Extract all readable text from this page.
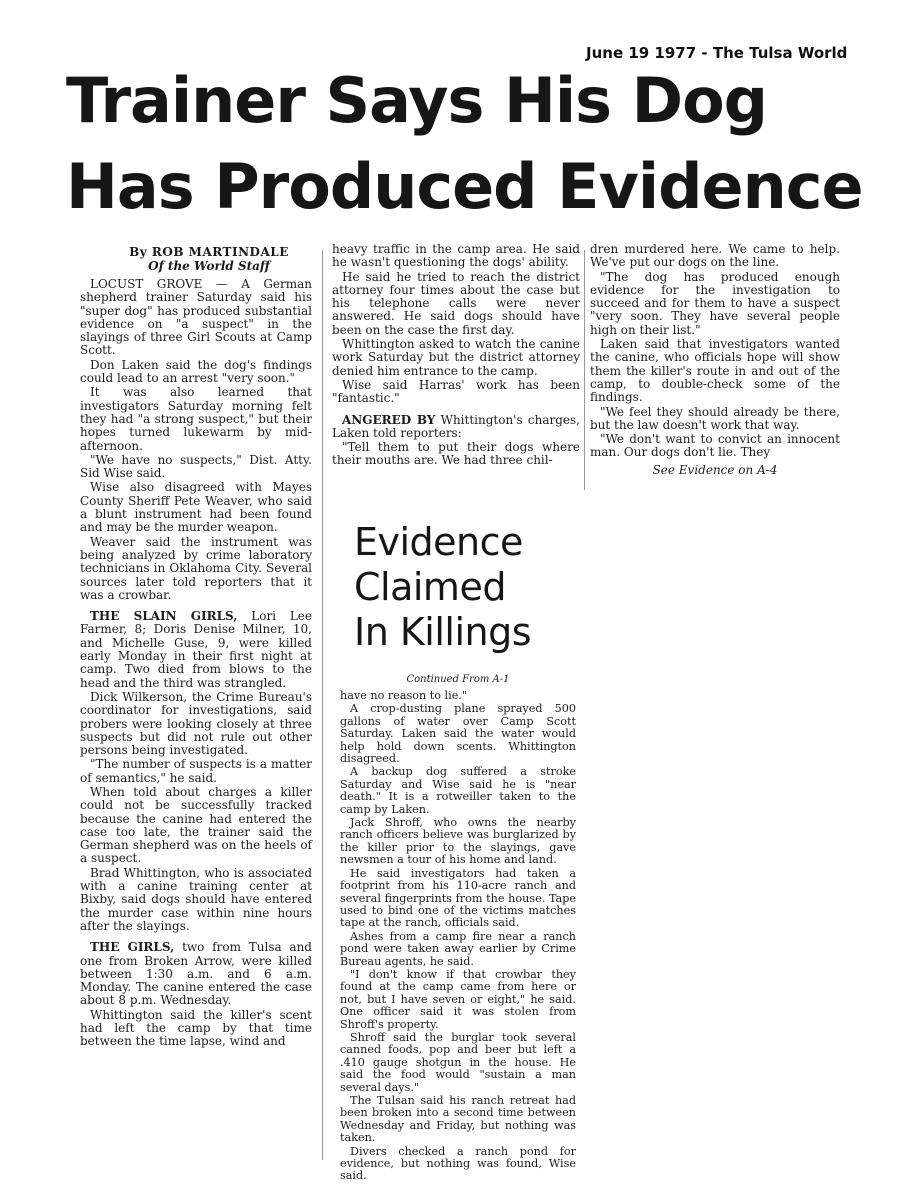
June 19 1977 - The Tulsa World
Trainer Says His Dog
Has Produced Evidence
By ROB MARTINDALE
Of the World Staff

LOCUST GROVE — A German shepherd trainer Saturday said his "super dog" has produced substantial evidence on "a suspect" in the slayings of three Girl Scouts at Camp Scott.

Don Laken said the dog's findings could lead to an arrest "very soon."

It was also learned that investigators Saturday morning felt they had "a strong suspect," but their hopes turned lukewarm by mid-afternoon.

"We have no suspects," Dist. Atty. Sid Wise said.

Wise also disagreed with Mayes County Sheriff Pete Weaver, who said a blunt instrument had been found and may be the murder weapon.

Weaver said the instrument was being analyzed by crime laboratory technicians in Oklahoma City. Several sources later told reporters that it was a crowbar.

THE SLAIN GIRLS, Lori Lee Farmer, 8; Doris Denise Milner, 10, and Michelle Guse, 9, were killed early Monday in their first night at camp. Two died from blows to the head and the third was strangled.

Dick Wilkerson, the Crime Bureau's coordinator for investigations, said probers were looking closely at three suspects but did not rule out other persons being investigated.

"The number of suspects is a matter of semantics," he said.

When told about charges a killer could not be successfully tracked because the canine had entered the case too late, the trainer said the German shepherd was on the heels of a suspect.

Brad Whittington, who is associated with a canine training center at Bixby, said dogs should have entered the murder case within nine hours after the slayings.

THE GIRLS, two from Tulsa and one from Broken Arrow, were killed between 1:30 a.m. and 6 a.m. Monday. The canine entered the case about 8 p.m. Wednesday.

Whittington said the killer's scent had left the camp by that time between the time lapse, wind and

heavy traffic in the camp area. He said he wasn't questioning the dogs' ability.

He said he tried to reach the district attorney four times about the case but his telephone calls were never answered. He said dogs should have been on the case the first day.

Whittington asked to watch the canine work Saturday but the district attorney denied him entrance to the camp.

Wise said Harras' work has been "fantastic."

ANGERED BY Whittington's charges, Laken told reporters:

"Tell them to put their dogs where their mouths are. We had three chil-

dren murdered here. We came to help. We've put our dogs on the line.

"The dog has produced enough evidence for the investigation to succeed and for them to have a suspect "very soon. They have several people high on their list."

Laken said that investigators wanted the canine, who officials hope will show them the killer's route in and out of the camp, to double-check some of the findings.

"We feel they should already be there, but the law doesn't work that way.

"We don't want to convict an innocent man. Our dogs don't lie. They

See Evidence on A-4

Evidence
Claimed
In Killings
Continued From A-1

have no reason to lie."

A crop-dusting plane sprayed 500 gallons of water over Camp Scott Saturday. Laken said the water would help hold down scents. Whittington disagreed.

A backup dog suffered a stroke Saturday and Wise said he is "near death." It is a rotweiller taken to the camp by Laken.

Jack Shroff, who owns the nearby ranch officers believe was burglarized by the killer prior to the slayings, gave newsmen a tour of his home and land.

He said investigators had taken a footprint from his 110-acre ranch and several fingerprints from the house. Tape used to bind one of the victims matches tape at the ranch, officials said.

Ashes from a camp fire near a ranch pond were taken away earlier by Crime Bureau agents, he said.

"I don't know if that crowbar they found at the camp came from here or not, but I have seven or eight," he said. One officer said it was stolen from Shroff's property.

Shroff said the burglar took several canned foods, pop and beer but left a .410 gauge shotgun in the house. He said the food would "sustain a man several days."

The Tulsan said his ranch retreat had been broken into a second time between Wednesday and Friday, but nothing was taken.

Divers checked a ranch pond for evidence, but nothing was found, Wise said.
